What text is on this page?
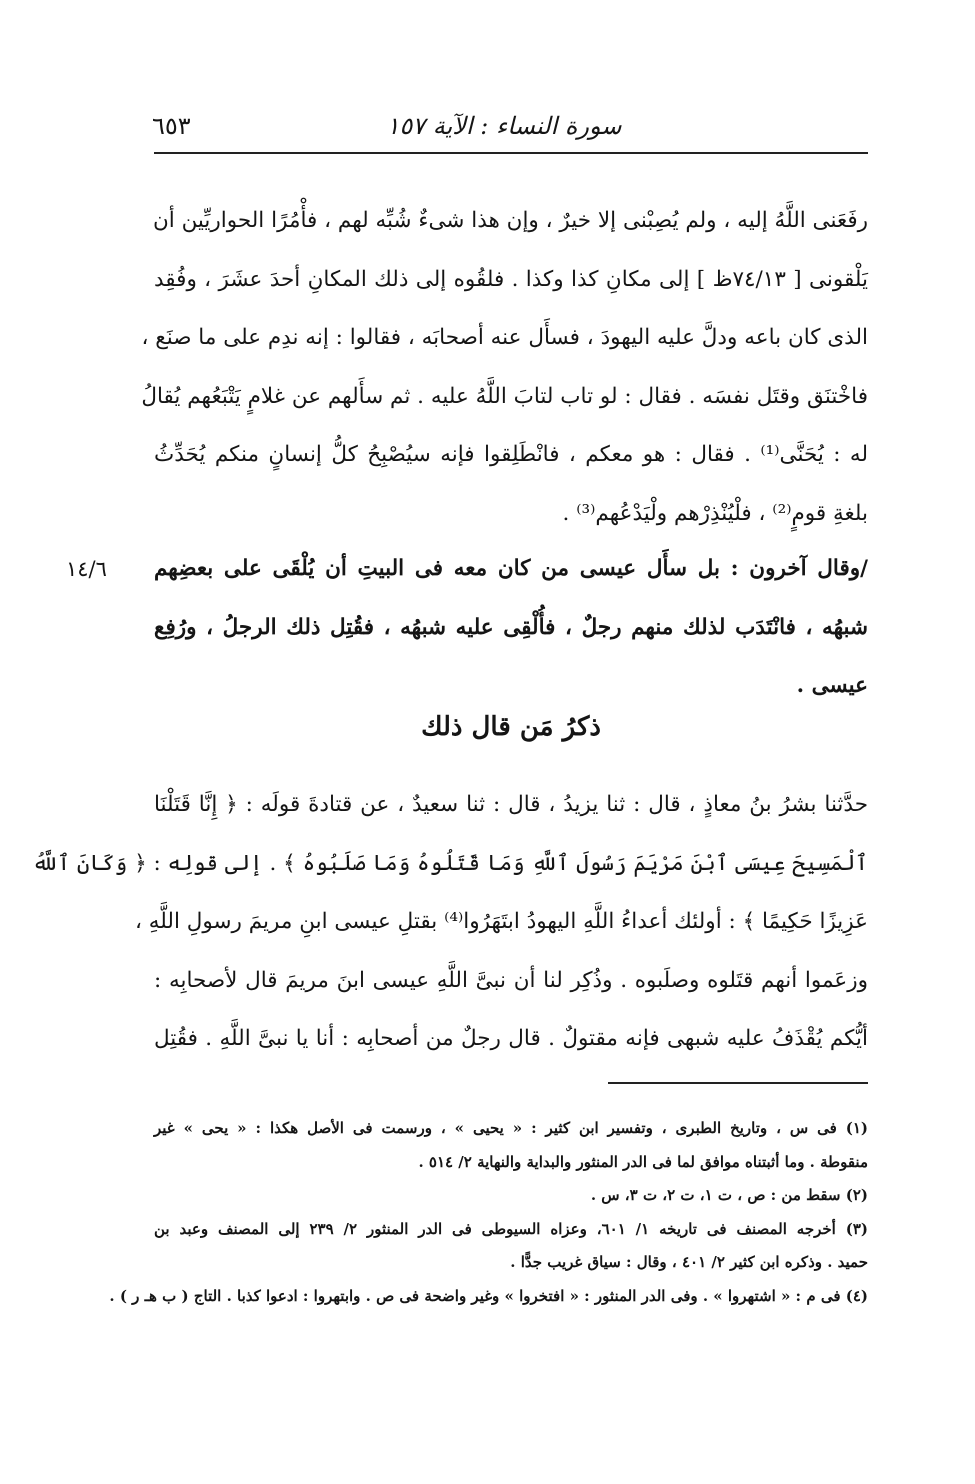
٦٥٣	سورة النساء : الآية ١٥٧
رفَعَنى اللَّهُ إليه ، ولم يُصِبْنى إلا خيرٌ ، وإن هذا شىءٌ شُبِّه لهم ، فأْمُرًا الحواريِّين أن
يَلْقونى [ ٧٤/١٣ظ ] إلى مكانِ كذا وكذا . فلقُوه إلى ذلك المكانِ أحدَ عشَرَ ، وفُقِد
الذى كان باعه ودلَّ عليه اليهودَ ، فسأَل عنه أصحابَه ، فقالوا : إنه ندِم على ما صنَع ،
فاخْتنَق وقتَل نفسَه . فقال : لو تاب لتابَ اللَّهُ عليه . ثم سأَلهم عن غلامٍ يَتْبَعُهم يُقالُ
له : يُحَنَّى⁽¹⁾ . فقال : هو معكم ، فانْطَلِقوا فإنه سيُصْبِحُ كلُّ إنسانٍ منكم يُحَدِّثُ
بلغةِ قومٍ⁽²⁾ ، فلْيُنْذِرْهم ولْيَدْعُهم⁽³⁾ .
١٤/٦ /وقال آخرون : بل سأَل عيسى من كان معه فى البيتِ أن يُلْقَى على بعضِهم
شبهُه ، فانْتَدَب لذلك منهم رجلٌ ، فأُلْقِى عليه شبهُه ، فقُتِل ذلك الرجلُ ، ورُفِع
عيسى .
ذكرُ مَن قال ذلك
حدَّثنا بشرُ بنُ معاذٍ ، قال : ثنا يزيدُ ، قال : ثنا سعيدٌ ، عن قتادةَ قولَه : ﴿ إِنَّا قَتَلْنَا
ٱلْمَسِيحَ عِيسَى ٱبْنَ مَرْيَمَ رَسُولَ ٱللَّهِ وَمَا قَتَلُوهُ وَمَا صَلَبُوهُ ﴾ . إلى قولِه : ﴿ وَكَانَ ٱللَّهُ
عَزِيزًا حَكِيمًا ﴾ : أولئك أعداءُ اللَّهِ اليهودُ ابتَهَرُوا⁽⁴⁾ بقتلِ عيسى ابنِ مريمَ رسولِ اللَّهِ ،
وزعَموا أنهم قتَلوه وصلَبوه . وذُكِر لنا أن نبىَّ اللَّهِ عيسى ابنَ مريمَ قال لأصحابِه :
أيُّكم يُقْذَفُ عليه شبهى فإنه مقتولٌ . قال رجلٌ من أصحابِه : أنا يا نبىَّ اللَّهِ . فقُتِل
(١) فى س ، وتاريخ الطبرى ، وتفسير ابن كثير : « يحيى » ، ورسمت فى الأصل هكذا : « يحى » غير
منقوطة . وما أثبتناه موافق لما فى الدر المنثور والبداية والنهاية ٢/ ٥١٤ .
(٢) سقط من : ص ، ت ١، ت ٢، ت ٣، س .
(٣) أخرجه المصنف فى تاريخه ١/ ٦٠١، وعزاه السيوطى فى الدر المنثور ٢/ ٢٣٩ إلى المصنف وعبد بن
حميد . وذكره ابن كثير ٢/ ٤٠١ ، وقال : سياق غريب جدًّا .
(٤) فى م : « اشتهروا » . وفى الدر المنثور : « افتخروا » وغير واضحة فى ص . وابتهروا : ادعوا كذبا . التاج ( ب هـ ر ) .
